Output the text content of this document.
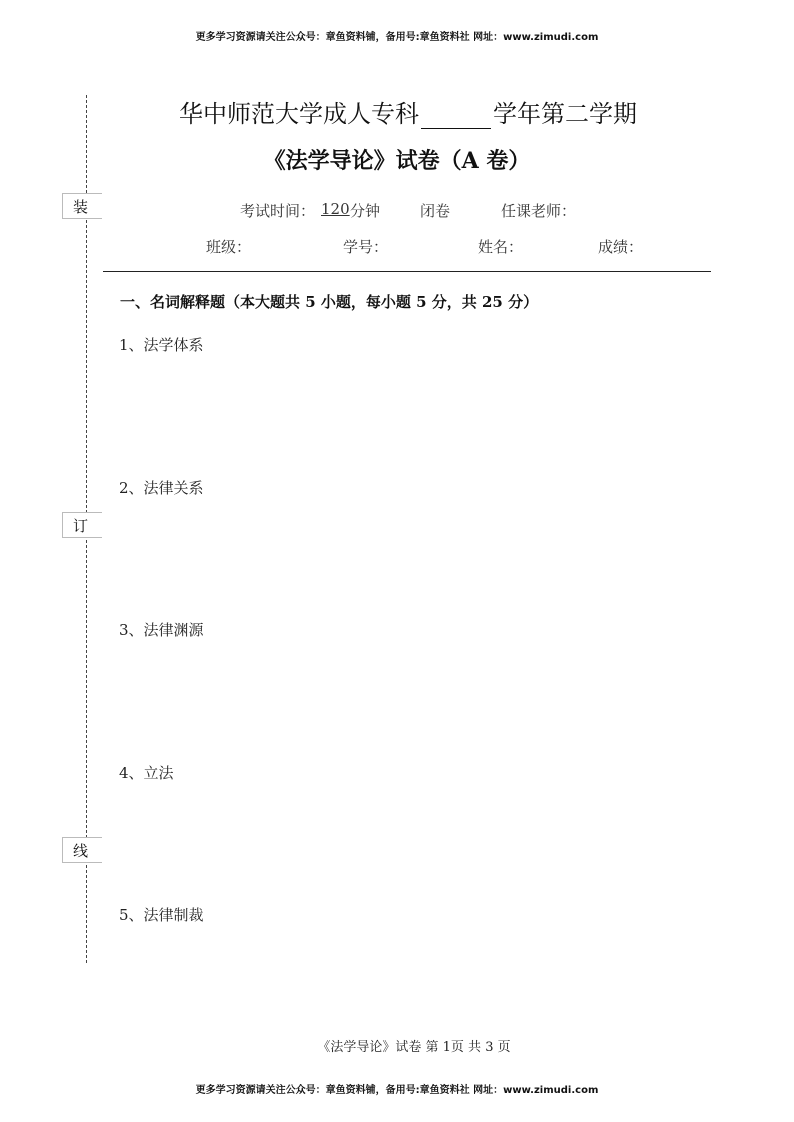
更多学习资源请关注公众号：章鱼资料铺，备用号:章鱼资料社 网址：www.zimudi.com
装
订
线
华中师范大学成人专科	学年第二学期
《法学导论》试卷（A 卷）
考试时间： 120 分钟	闭卷	任课老师：
班级：	学号：	姓名：	成绩：
一、名词解释题（本大题共 5 小题，每小题 5 分，共 25 分）
1、法学体系
2、法律关系
3、法律渊源
4、立法
5、法律制裁
《法学导论》试卷 第 1页 共 3 页
更多学习资源请关注公众号：章鱼资料铺，备用号:章鱼资料社 网址：www.zimudi.com
